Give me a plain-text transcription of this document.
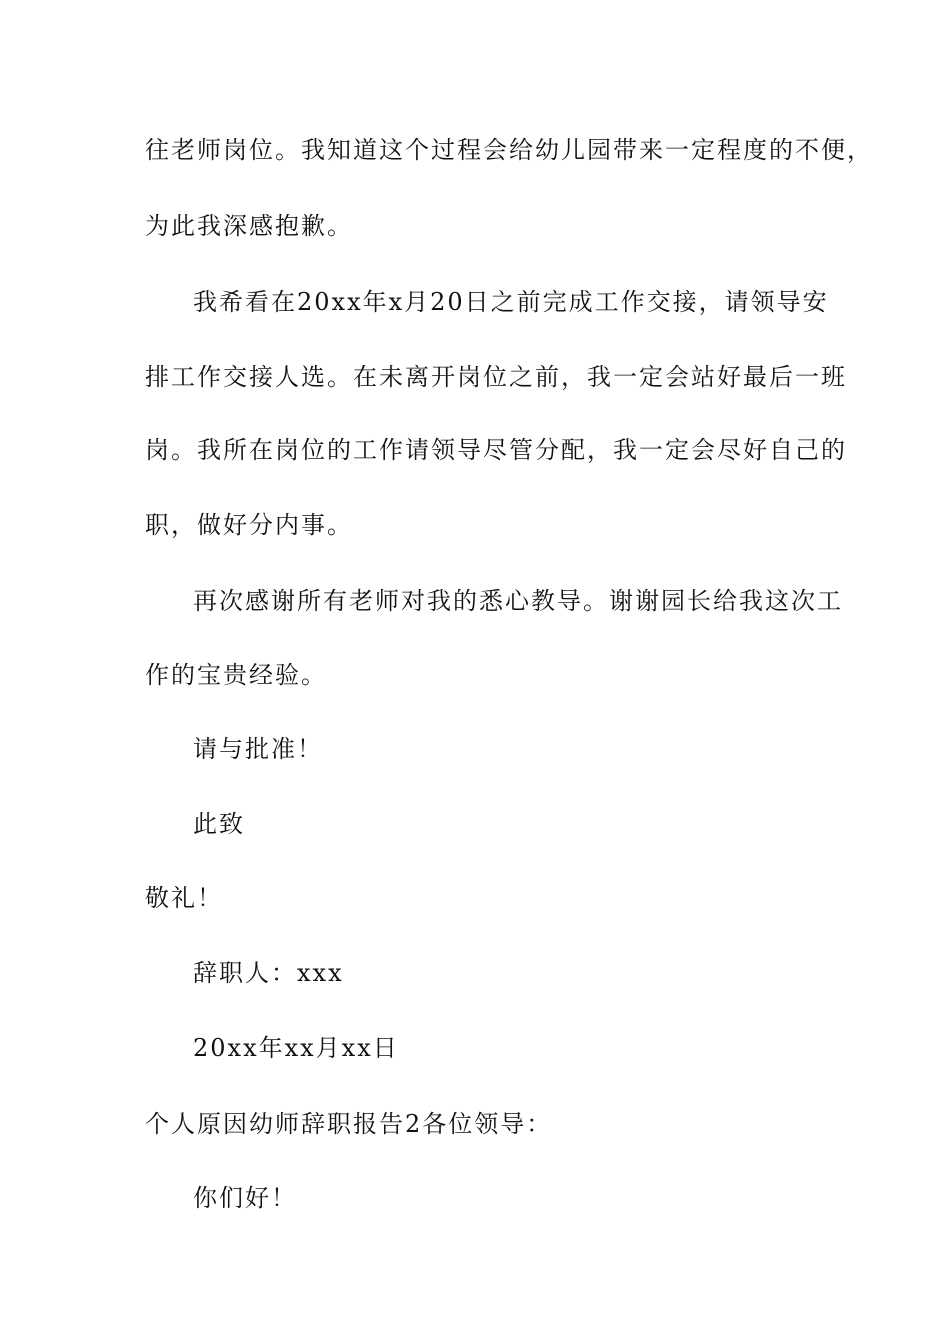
往老师岗位。我知道这个过程会给幼儿园带来一定程度的不便，
为此我深感抱歉。
我希看在20xx年x月20日之前完成工作交接，请领导安
排工作交接人选。在未离开岗位之前，我一定会站好最后一班
岗。我所在岗位的工作请领导尽管分配，我一定会尽好自己的
职，做好分内事。
再次感谢所有老师对我的悉心教导。谢谢园长给我这次工
作的宝贵经验。
请与批准！
此致
敬礼！
辞职人：xxx
20xx年xx月xx日
个人原因幼师辞职报告2各位领导：
你们好！
